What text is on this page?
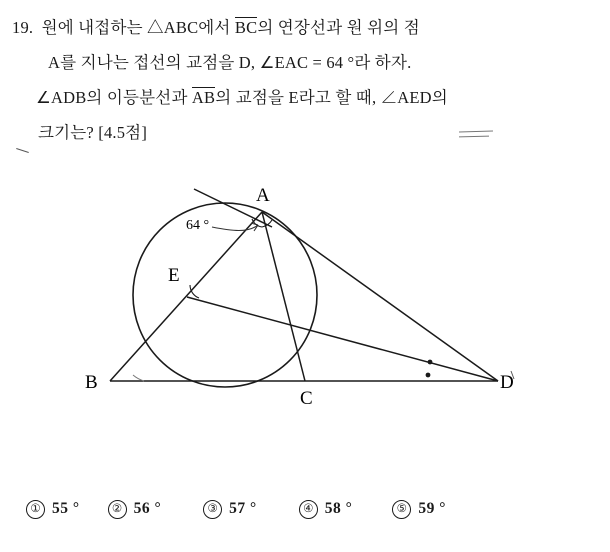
19. 원에 내접하는 △ABC에서 BC의 연장선과 원 위의 점
A를 지나는 접선의 교점을 D, ∠EAC = 64 °라 하자.
∠ADB의 이등분선과 AB의 교점을 E라고 할 때, ∠AED의
크기는? [4.5점]
A
B
C
D
E
64 °
① 55 °	② 56 °	③ 57 °	④ 58 °	⑤ 59 °
